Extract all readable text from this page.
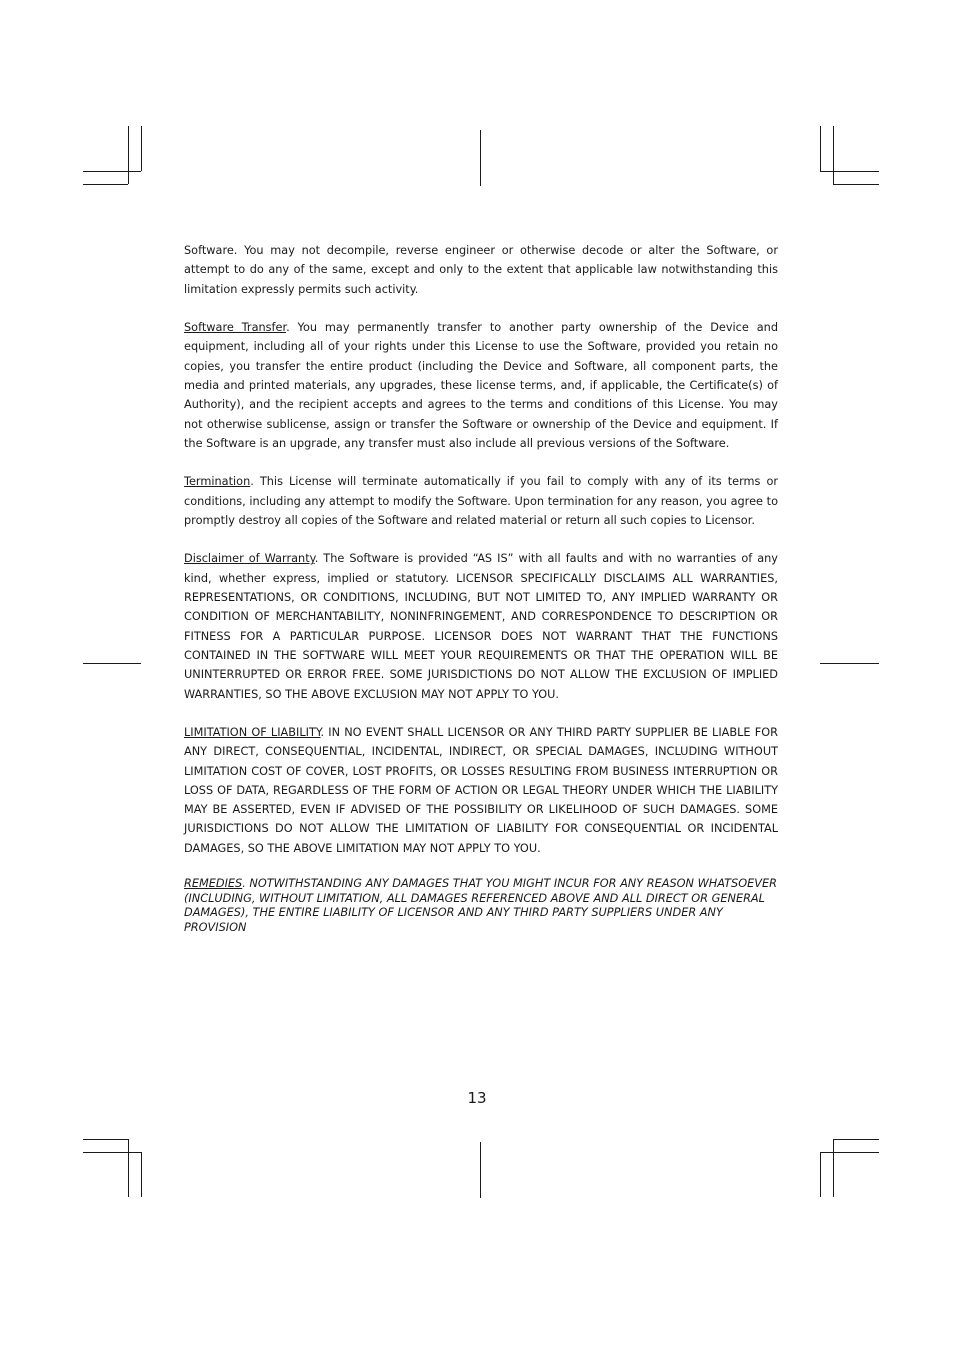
Software. You may not decompile, reverse engineer or otherwise decode or alter the Software, or attempt to do any of the same, except and only to the extent that applicable law notwithstanding this limitation expressly permits such activity.

Software Transfer. You may permanently transfer to another party ownership of the Device and equipment, including all of your rights under this License to use the Software, provided you retain no copies, you transfer the entire product (including the Device and Software, all component parts, the media and printed materials, any upgrades, these license terms, and, if applicable, the Certificate(s) of Authority), and the recipient accepts and agrees to the terms and conditions of this License. You may not otherwise sublicense, assign or transfer the Software or ownership of the Device and equipment. If the Software is an upgrade, any transfer must also include all previous versions of the Software.

Termination. This License will terminate automatically if you fail to comply with any of its terms or conditions, including any attempt to modify the Software. Upon termination for any reason, you agree to promptly destroy all copies of the Software and related material or return all such copies to Licensor.

Disclaimer of Warranty. The Software is provided “AS IS” with all faults and with no warranties of any kind, whether express, implied or statutory. LICENSOR SPECIFICALLY DISCLAIMS ALL WARRANTIES, REPRESENTATIONS, OR CONDITIONS, INCLUDING, BUT NOT LIMITED TO, ANY IMPLIED WARRANTY OR CONDITION OF MERCHANTABILITY, NONINFRINGEMENT, AND CORRESPONDENCE TO DESCRIPTION OR FITNESS FOR A PARTICULAR PURPOSE. LICENSOR DOES NOT WARRANT THAT THE FUNCTIONS CONTAINED IN THE SOFTWARE WILL MEET YOUR REQUIREMENTS OR THAT THE OPERATION WILL BE UNINTERRUPTED OR ERROR FREE. SOME JURISDICTIONS DO NOT ALLOW THE EXCLUSION OF IMPLIED WARRANTIES, SO THE ABOVE EXCLUSION MAY NOT APPLY TO YOU.

LIMITATION OF LIABILITY. IN NO EVENT SHALL LICENSOR OR ANY THIRD PARTY SUPPLIER BE LIABLE FOR ANY DIRECT, CONSEQUENTIAL, INCIDENTAL, INDIRECT, OR SPECIAL DAMAGES, INCLUDING WITHOUT LIMITATION COST OF COVER, LOST PROFITS, OR LOSSES RESULTING FROM BUSINESS INTERRUPTION OR LOSS OF DATA, REGARDLESS OF THE FORM OF ACTION OR LEGAL THEORY UNDER WHICH THE LIABILITY MAY BE ASSERTED, EVEN IF ADVISED OF THE POSSIBILITY OR LIKELIHOOD OF SUCH DAMAGES. SOME JURISDICTIONS DO NOT ALLOW THE LIMITATION OF LIABILITY FOR CONSEQUENTIAL OR INCIDENTAL DAMAGES, SO THE ABOVE LIMITATION MAY NOT APPLY TO YOU.

REMEDIES. NOTWITHSTANDING ANY DAMAGES THAT YOU MIGHT INCUR FOR ANY REASON WHATSOEVER (INCLUDING, WITHOUT LIMITATION, ALL DAMAGES REFERENCED ABOVE AND ALL DIRECT OR GENERAL DAMAGES), THE ENTIRE LIABILITY OF LICENSOR AND ANY THIRD PARTY SUPPLIERS UNDER ANY PROVISION

13
